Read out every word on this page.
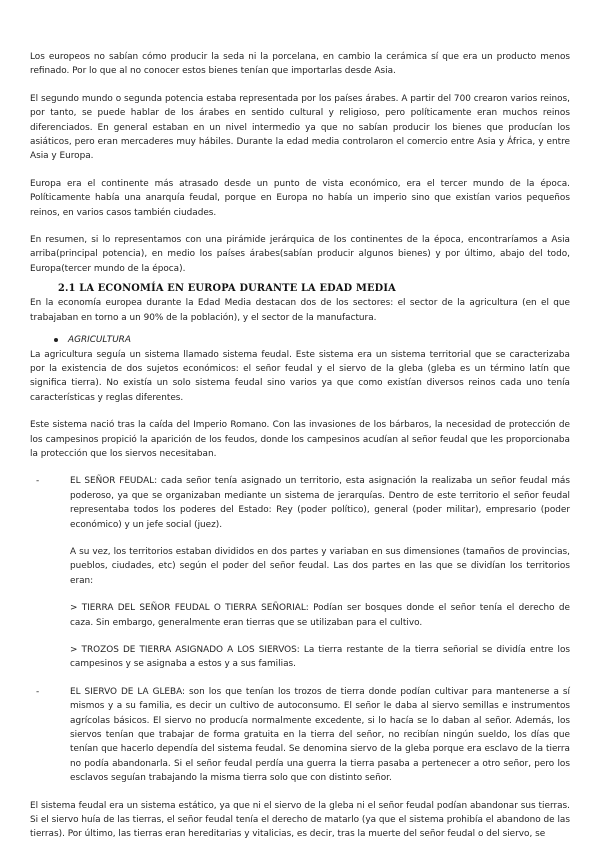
Los europeos no sabían cómo producir la seda ni la porcelana, en cambio la cerámica sí que era un producto menos refinado. Por lo que al no conocer estos bienes tenían que importarlas desde Asia.

El segundo mundo o segunda potencia estaba representada por los países árabes. A partir del 700 crearon varios reinos, por tanto, se puede hablar de los árabes en sentido cultural y religioso, pero políticamente eran muchos reinos diferenciados. En general estaban en un nivel intermedio ya que no sabían producir los bienes que producían los asiáticos, pero eran mercaderes muy hábiles. Durante la edad media controlaron el comercio entre Asia y África, y entre Asia y Europa.

Europa era el continente más atrasado desde un punto de vista económico, era el tercer mundo de la época. Políticamente había una anarquía feudal, porque en Europa no había un imperio sino que existían varios pequeños reinos, en varios casos también ciudades.

En resumen, si lo representamos con una pirámide jerárquica de los continentes de la época, encontraríamos a Asia arriba(principal potencia), en medio los países árabes(sabían producir algunos bienes) y por último, abajo del todo, Europa(tercer mundo de la época).

2.1 LA ECONOMÍA EN EUROPA DURANTE LA EDAD MEDIA

En la economía europea durante la Edad Media destacan dos de los sectores: el sector de la agricultura (en el que trabajaban en torno a un 90% de la población), y el sector de la manufactura.

AGRICULTURA

La agricultura seguía un sistema llamado sistema feudal. Este sistema era un sistema territorial que se caracterizaba por la existencia de dos sujetos económicos: el señor feudal y el siervo de la gleba (gleba es un término latín que significa tierra). No existía un solo sistema feudal sino varios ya que como existían diversos reinos cada uno tenía características y reglas diferentes.

Este sistema nació tras la caída del Imperio Romano. Con las invasiones de los bárbaros, la necesidad de protección de los campesinos propició la aparición de los feudos, donde los campesinos acudían al señor feudal que les proporcionaba la protección que los siervos necesitaban.

-	EL SEÑOR FEUDAL: cada señor tenía asignado un territorio, esta asignación la realizaba un señor feudal más poderoso, ya que se organizaban mediante un sistema de jerarquías. Dentro de este territorio el señor feudal representaba todos los poderes del Estado: Rey (poder político), general (poder militar), empresario (poder económico) y un jefe social (juez).

A su vez, los territorios estaban divididos en dos partes y variaban en sus dimensiones (tamaños de provincias, pueblos, ciudades, etc) según el poder del señor feudal. Las dos partes en las que se dividían los territorios eran:

> TIERRA DEL SEÑOR FEUDAL O TIERRA SEÑORIAL: Podían ser bosques donde el señor tenía el derecho de caza. Sin embargo, generalmente eran tierras que se utilizaban para el cultivo.

> TROZOS DE TIERRA ASIGNADO A LOS SIERVOS: La tierra restante de la tierra señorial se dividía entre los campesinos y se asignaba a estos y a sus familias.

-	EL SIERVO DE LA GLEBA: son los que tenían los trozos de tierra donde podían cultivar para mantenerse a sí mismos y a su familia, es decir un cultivo de autoconsumo. El señor le daba al siervo semillas e instrumentos agrícolas básicos. El siervo no producía normalmente excedente, si lo hacía se lo daban al señor. Además, los siervos tenían que trabajar de forma gratuita en la tierra del señor, no recibían ningún sueldo, los días que tenían que hacerlo dependía del sistema feudal. Se denomina siervo de la gleba porque era esclavo de la tierra no podía abandonarla. Si el señor feudal perdía una guerra la tierra pasaba a pertenecer a otro señor, pero los esclavos seguían trabajando la misma tierra solo que con distinto señor.

El sistema feudal era un sistema estático, ya que ni el siervo de la gleba ni el señor feudal podían abandonar sus tierras. Si el siervo huía de las tierras, el señor feudal tenía el derecho de matarlo (ya que el sistema prohibía el abandono de las tierras). Por último, las tierras eran hereditarias y vitalicias, es decir, tras la muerte del señor feudal o del siervo, se
